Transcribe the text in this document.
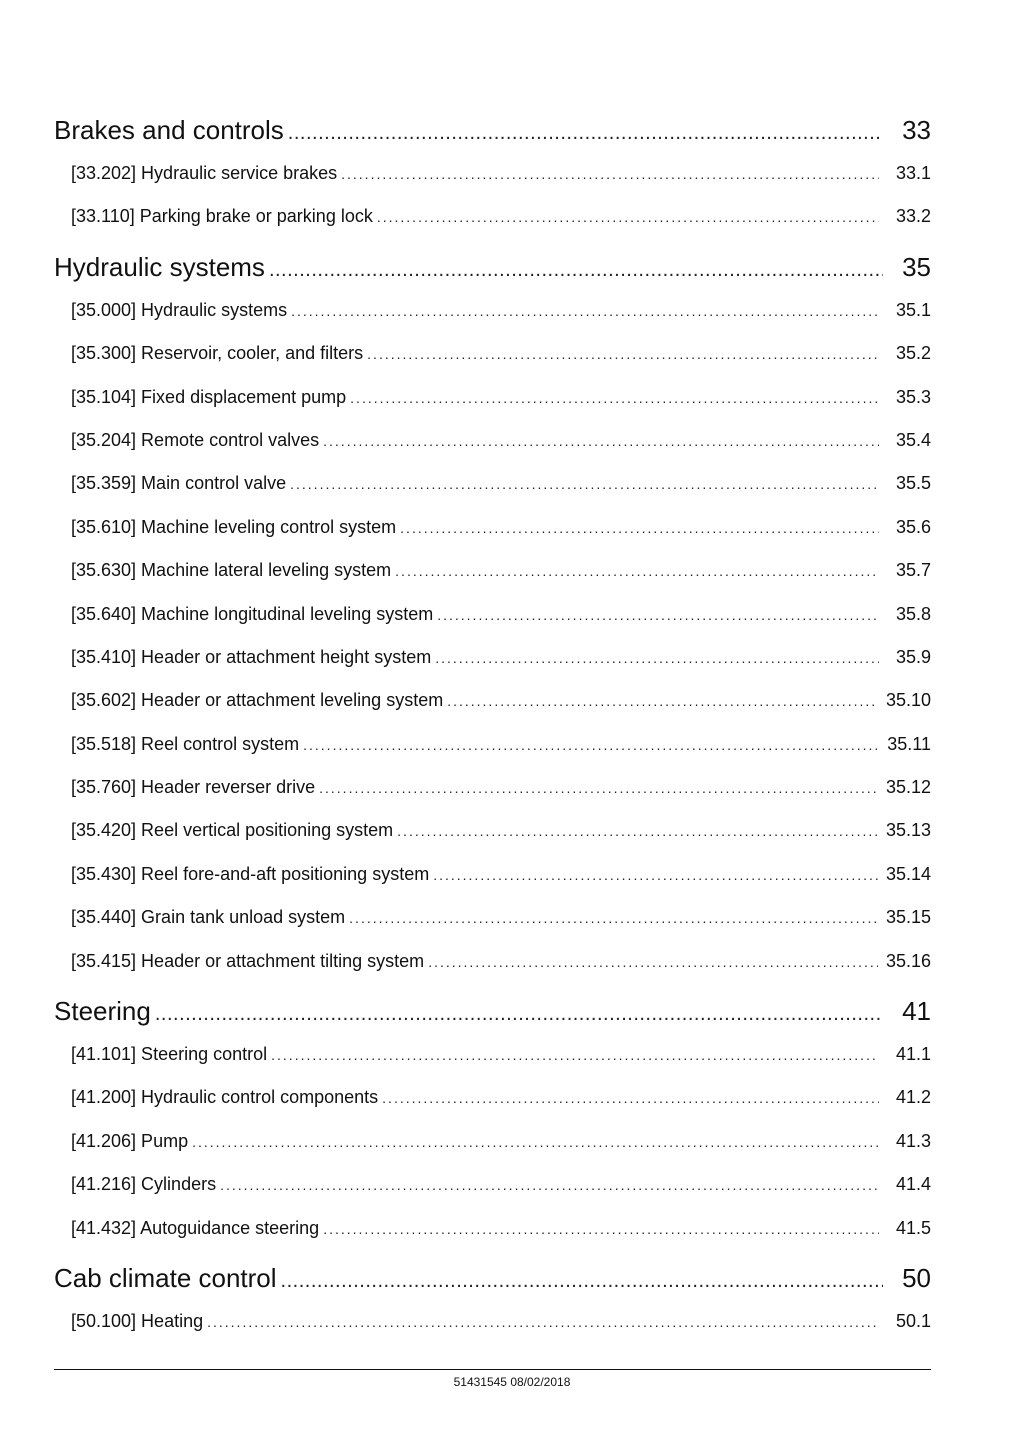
Brakes and controls .....	33
[33.202] Hydraulic service brakes .....	33.1
[33.110] Parking brake or parking lock .....	33.2
Hydraulic systems .....	35
[35.000] Hydraulic systems .....	35.1
[35.300] Reservoir, cooler, and filters .....	35.2
[35.104] Fixed displacement pump .....	35.3
[35.204] Remote control valves .....	35.4
[35.359] Main control valve .....	35.5
[35.610] Machine leveling control system .....	35.6
[35.630] Machine lateral leveling system .....	35.7
[35.640] Machine longitudinal leveling system .....	35.8
[35.410] Header or attachment height system .....	35.9
[35.602] Header or attachment leveling system .....	35.10
[35.518] Reel control system .....	35.11
[35.760] Header reverser drive .....	35.12
[35.420] Reel vertical positioning system .....	35.13
[35.430] Reel fore-and-aft positioning system .....	35.14
[35.440] Grain tank unload system .....	35.15
[35.415] Header or attachment tilting system .....	35.16
Steering .....	41
[41.101] Steering control .....	41.1
[41.200] Hydraulic control components .....	41.2
[41.206] Pump .....	41.3
[41.216] Cylinders .....	41.4
[41.432] Autoguidance steering .....	41.5
Cab climate control .....	50
[50.100] Heating .....	50.1
51431545 08/02/2018
